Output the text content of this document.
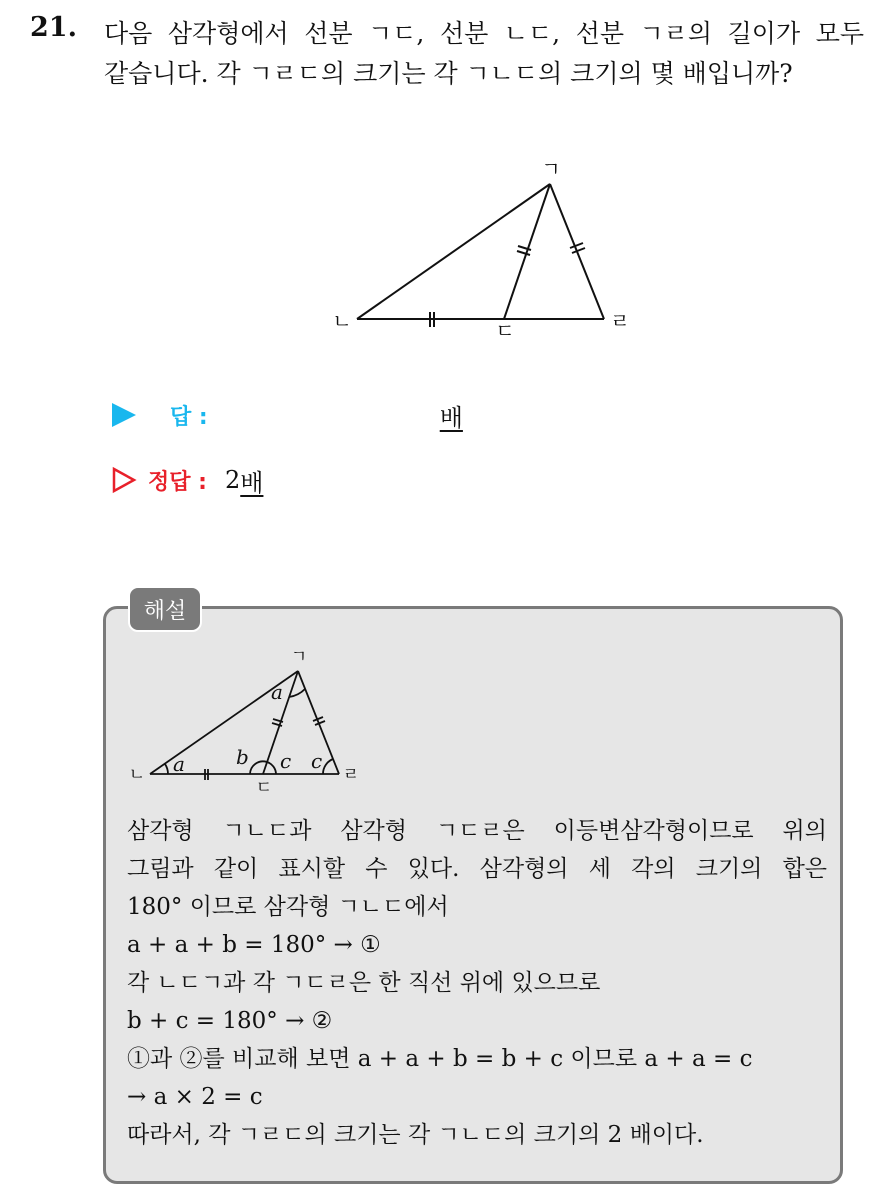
21. 다음 삼각형에서 선분 ㄱㄷ, 선분 ㄴㄷ, 선분 ㄱㄹ의 길이가 모두
같습니다. 각 ㄱㄹㄷ의 크기는 각 ㄱㄴㄷ의 크기의 몇 배입니까?
ㄱ
ㄴ	ㄷ	ㄹ
답 :	배
정답 : 2 배
해설
ㄱ
ㄴ
ㄷ
ㄹ
a
a	b c c
삼각형 ㄱㄴㄷ과 삼각형 ㄱㄷㄹ은 이등변삼각형이므로 위의
그림과 같이 표시할 수 있다. 삼각형의 세 각의 크기의 합은
180° 이므로 삼각형 ㄱㄴㄷ에서
a + a + b = 180° → ①
각 ㄴㄷㄱ과 각 ㄱㄷㄹ은 한 직선 위에 있으므로
b + c = 180° → ②
①과 ②를 비교해 보면 a + a + b = b + c 이므로 a + a = c
→ a × 2 = c
따라서, 각 ㄱㄹㄷ의 크기는 각 ㄱㄴㄷ의 크기의 2 배이다.
